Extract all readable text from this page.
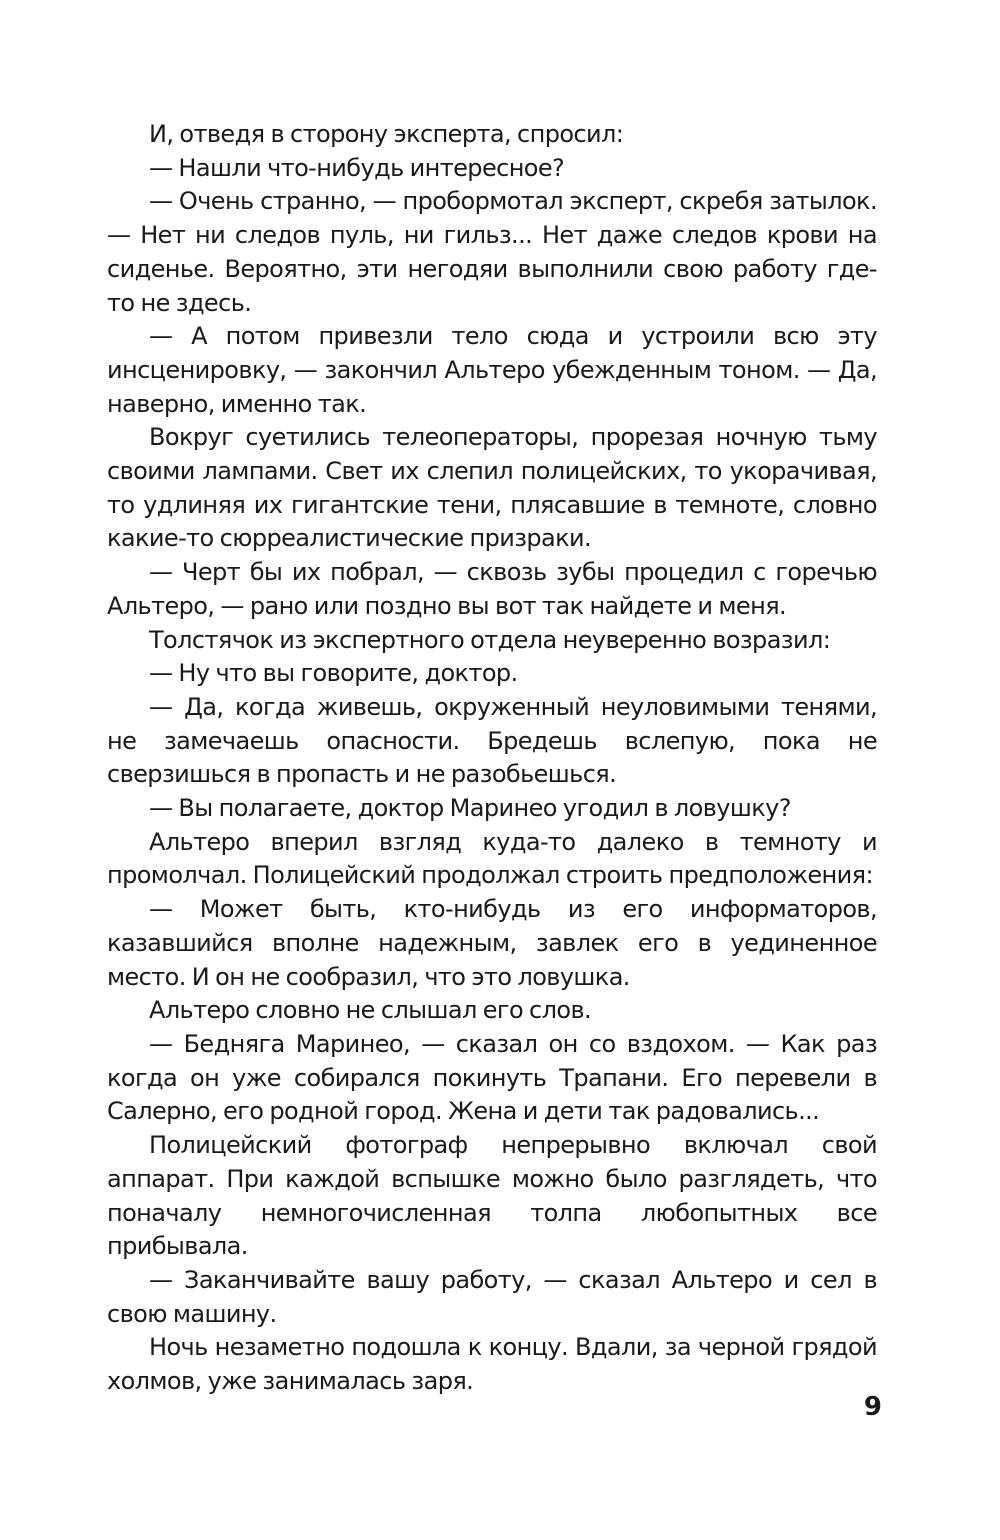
И, отведя в сторону эксперта, спросил:

— Нашли что-нибудь интересное?

— Очень странно, — пробормотал эксперт, скребя затылок. — Нет ни следов пуль, ни гильз... Нет даже следов крови на сиденье. Вероятно, эти негодяи выполнили свою работу где-то не здесь.

— А потом привезли тело сюда и устроили всю эту инсценировку, — закончил Альтеро убежденным тоном. — Да, наверно, именно так.

Вокруг суетились телеоператоры, прорезая ночную тьму своими лампами. Свет их слепил полицейских, то укорачивая, то удлиняя их гигантские тени, плясавшие в темноте, словно какие-то сюрреалистические призраки.

— Черт бы их побрал, — сквозь зубы процедил с горечью Альтеро, — рано или поздно вы вот так найдете и меня.

Толстячок из экспертного отдела неуверенно возразил:

— Ну что вы говорите, доктор.

— Да, когда живешь, окруженный неуловимыми тенями, не замечаешь опасности. Бредешь вслепую, пока не сверзишься в пропасть и не разобьешься.

— Вы полагаете, доктор Маринео угодил в ловушку?

Альтеро вперил взгляд куда-то далеко в темноту и промолчал. Полицейский продолжал строить предположения:

— Может быть, кто-нибудь из его информаторов, казавшийся вполне надежным, завлек его в уединенное место. И он не сообразил, что это ловушка.

Альтеро словно не слышал его слов.

— Бедняга Маринео, — сказал он со вздохом. — Как раз когда он уже собирался покинуть Трапани. Его перевели в Салерно, его родной город. Жена и дети так радовались...

Полицейский фотограф непрерывно включал свой аппарат. При каждой вспышке можно было разглядеть, что поначалу немногочисленная толпа любопытных все прибывала.

— Заканчивайте вашу работу, — сказал Альтеро и сел в свою машину.

Ночь незаметно подошла к концу. Вдали, за черной грядой холмов, уже занималась заря.

9
